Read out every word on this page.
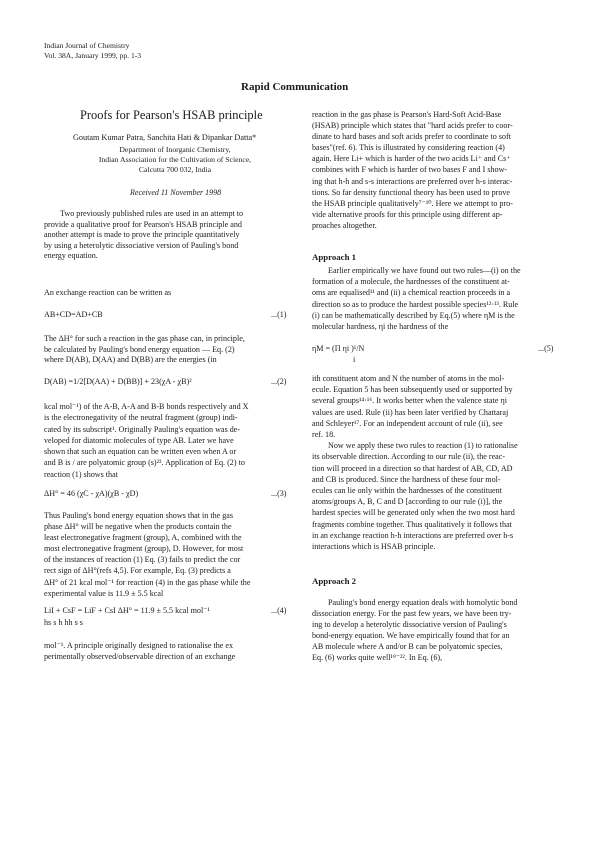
Indian Journal of Chemistry
Vol. 38A, January 1999, pp. 1-3
Rapid Communication
Proofs for Pearson's HSAB principle
Goutam Kumar Patra, Sanchita Hati & Dipankar Datta*
Department of Inorganic Chemistry,
Indian Association for the Cultivation of Science,
Calcutta 700 032, India
Received 11 November 1998
Two previously published rules are used in an attempt to
provide a qualitative proof for Pearson's HSAB principle and
another attempt is made to prove the principle quantitatively
by using a heterolytic dissociative version of Pauling's bond
energy equation.
An exchange reaction can be written as
AB+CD=AD+CB	...(1)
The ΔH° for such a reaction in the gas phase can, in principle,
be calculated by Pauling's bond energy equation — Eq. (2)
where D(AB), D(AA) and D(BB) are the energies (in
D(AB) =1/2[D(AA) + D(BB)] + 23(χA - χB)²	...(2)
kcal mol⁻¹) of the A-B, A-A and B-B bonds respectively and X
is the electronegativity of the neutral fragment (group) indi-
cated by its subscript¹. Originally Pauling's equation was de-
veloped for diatomic molecules of type AB. Later we have
shown that such an equation can be written even when A or
and B is / are polyatomic group (s)²³. Application of Eq. (2) to
reaction (1) shows that
ΔH° = 46 (χC - χA)(χB - χD)	...(3)
Thus Pauling's bond energy equation shows that in the gas
phase ΔH° will be negative when the products contain the
least electronegative fragment (group), A, combined with the
most electronegative fragment (group), D. However, for most
of the instances of reaction (1) Eq. (3) fails to predict the cor
rect sign of ΔH°(refs 4,5). For example, Eq. (3) predicts a
ΔH° of 21 kcal mol⁻¹ for reaction (4) in the gas phase while the
experimental value is 11.9 ± 5.5 kcal
LiI + CsF = LiF + CsI ΔH° = 11.9 ± 5.5 kcal mol⁻¹	...(4)
hs s h hh s s
mol⁻¹. A principle originally designed to rationalise the ex
perimentally observed/observable direction of an exchange
reaction in the gas phase is Pearson's Hard-Soft Acid-Base
(HSAB) principle which states that "hard acids prefer to coor-
dinate to hard bases and soft acids prefer to coordinate to soft
bases"(ref. 6). This is illustrated by considering reaction (4)
again. Here Li+ which is harder of the two acids Li⁺ and Cs⁺
combines with F which is harder of two bases F and I show-
ing that h-h and s-s interactions are preferred over h-s interac-
tions. So far density functional theory has been used to prove
the HSAB principle qualitatively⁷⁻¹⁰. Here we attempt to pro-
vide alternative proofs for this principle using different ap-
proaches altogether.
Approach 1
Earlier empirically we have found out two rules—(i) on the
formation of a molecule, the hardnesses of the constituent at-
oms are equalised¹¹ and (ii) a chemical reaction proceeds in a
direction so as to produce the hardest possible species¹²·¹³. Rule
(i) can be mathematically described by Eq.(5) where ηM is the
molecular hardness, ηi the hardness of the
ηM = (Π ηi )¹/N
i
...(5)
ith constituent atom and N the number of atoms in the mol-
ecule. Equation 5 has been subsequently used or supported by
several groups¹⁴·¹⁶. It works better when the valence state ηi
values are used. Rule (ii) has been later verified by Chattaraj
and Schleyer¹⁷. For an independent account of rule (ii), see
ref. 18.
Now we apply these two rules to reaction (1) to rationalise
its observable direction. According to our rule (ii), the reac-
tion will proceed in a direction so that hardest of AB, CD, AD
and CB is produced. Since the hardness of these four mol-
ecules can lie only within the hardnesses of the constituent
atoms/groups A, B, C and D [according to our rule (i)], the
hardest species will be generated only when the two most hard
fragments combine together. Thus qualitatively it follows that
in an exchange reaction h-h interactions are preferred over h-s
interactions which is HSAB principle.
Approach 2
Pauling's bond energy equation deals with homolytic bond
dissociation energy. For the past few years, we have been try-
ing to develop a heterolytic dissociative version of Pauling's
bond-energy equation. We have empirically found that for an
AB molecule where A and/or B can be polyatomic species,
Eq. (6) works quite well¹⁹⁻²². In Eq. (6),
